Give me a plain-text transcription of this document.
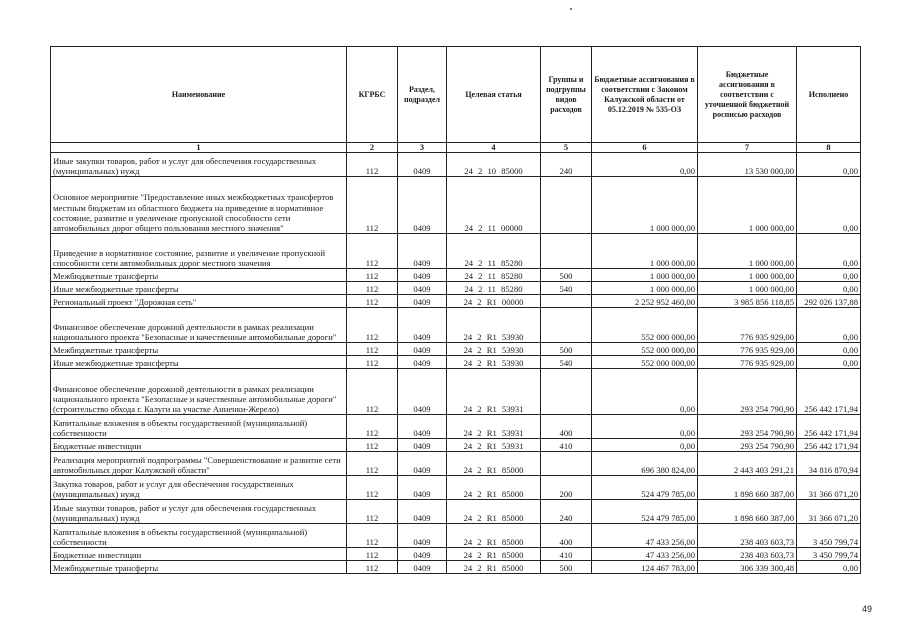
Наименование	КГРБС	Раздел, подраздел	Целевая статья	Группы и подгруппы видов расходов	Бюджетные ассигнования в соответствии с Законом Калужской области от 05.12.2019 № 535-ОЗ	Бюджетные ассигнования в соответствии с уточненной бюджетной росписью расходов	Исполнено
1	2	3	4	5	6	7	8
Иные закупки товаров, работ и услуг для обеспечения государственных (муниципальных) нужд	112	0409	24 2 10 85000	240	0,00	13 530 000,00	0,00
Основное мероприятие "Предоставление иных межбюджетных трансфертов местным бюджетам из областного бюджета на приведение в нормативное состояние, развитие и увеличение пропускной способности сети автомобильных дорог общего пользования местного значения"	112	0409	24 2 11 00000		1 000 000,00	1 000 000,00	0,00
Приведение в нормативное состояние, развитие и увеличение пропускной способности сети автомобильных дорог местного значения	112	0409	24 2 11 85280		1 000 000,00	1 000 000,00	0,00
Межбюджетные трансферты	112	0409	24 2 11 85280	500	1 000 000,00	1 000 000,00	0,00
Иные межбюджетные трансферты	112	0409	24 2 11 85280	540	1 000 000,00	1 000 000,00	0,00
Региональный проект "Дорожная сеть"	112	0409	24 2 R1 00000		2 252 952 460,00	3 985 856 118,85	292 026 137,88
Финансовое обеспечение дорожной деятельности в рамках реализации национального проекта "Безопасные и качественные автомобильные дороги"	112	0409	24 2 R1 53930		552 000 000,00	776 935 929,00	0,00
Межбюджетные трансферты	112	0409	24 2 R1 53930	500	552 000 000,00	776 935 929,00	0,00
Иные межбюджетные трансферты	112	0409	24 2 R1 53930	540	552 000 000,00	776 935 929,00	0,00
Финансовое обеспечение дорожной деятельности в рамках реализации национального проекта "Безопасные и качественные автомобильные дороги" (строительство обхода г. Калуги на участке Анненки-Жерело)	112	0409	24 2 R1 53931		0,00	293 254 790,90	256 442 171,94
Капитальные вложения в объекты государственной (муниципальной) собственности	112	0409	24 2 R1 53931	400	0,00	293 254 790,90	256 442 171,94
Бюджетные инвестиции	112	0409	24 2 R1 53931	410	0,00	293 254 790,90	256 442 171,94
Реализация мероприятий подпрограммы "Совершенствование и развитие сети автомобильных дорог Калужской области"	112	0409	24 2 R1 85000		696 380 824,00	2 443 403 291,21	34 816 870,94
Закупка товаров, работ и услуг для обеспечения государственных (муниципальных) нужд	112	0409	24 2 R1 85000	200	524 479 785,00	1 898 660 387,00	31 366 071,20
Иные закупки товаров, работ и услуг для обеспечения государственных (муниципальных) нужд	112	0409	24 2 R1 85000	240	524 479 785,00	1 898 660 387,00	31 366 071,20
Капитальные вложения в объекты государственной (муниципальной) собственности	112	0409	24 2 R1 85000	400	47 433 256,00	238 403 603,73	3 450 799,74
Бюджетные инвестиции	112	0409	24 2 R1 85000	410	47 433 256,00	238 403 603,73	3 450 799,74
Межбюджетные трансферты	112	0409	24 2 R1 85000	500	124 467 783,00	306 339 300,48	0,00
49
